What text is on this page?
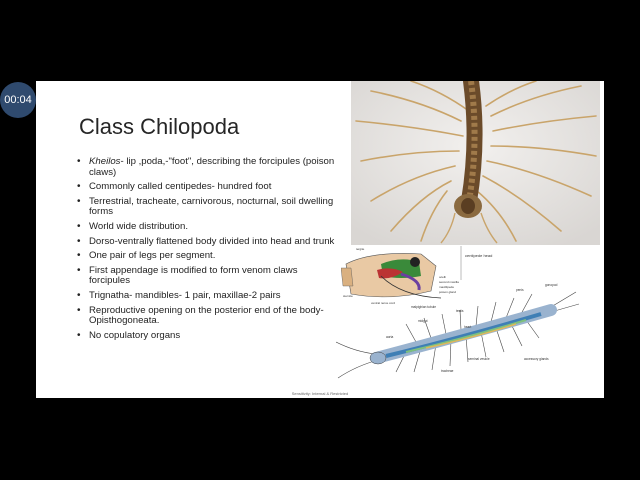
00:04
Class Chilopoda
• Kheilos- lip ,poda,-"foot", describing the forcipules (poison claws)
• Commonly called centipedes- hundred foot
• Terrestrial, tracheate, carnivorous, nocturnal, soil dwelling forms
• World wide distribution.
• Dorso-ventrally flattened body divided into head and trunk
• One pair of legs per segment.
• First appendage is modified to form venom claws forcipules
• Trignatha- mandibles- 1 pair, maxillae-2 pairs
• Reproductive opening on the posterior end of the body- Opisthogoneata.
• No copulatory organs
centipede head
tergite
ocelli
second maxilla
maxillipede
poison gland
sternite
ventral nerve cord
gonopod
penis
malpighian tubule
midgut
testis
aorta
heart
seminal vesicle	accessory glands
tracheae
Sensitivity: Internal & Restricted
